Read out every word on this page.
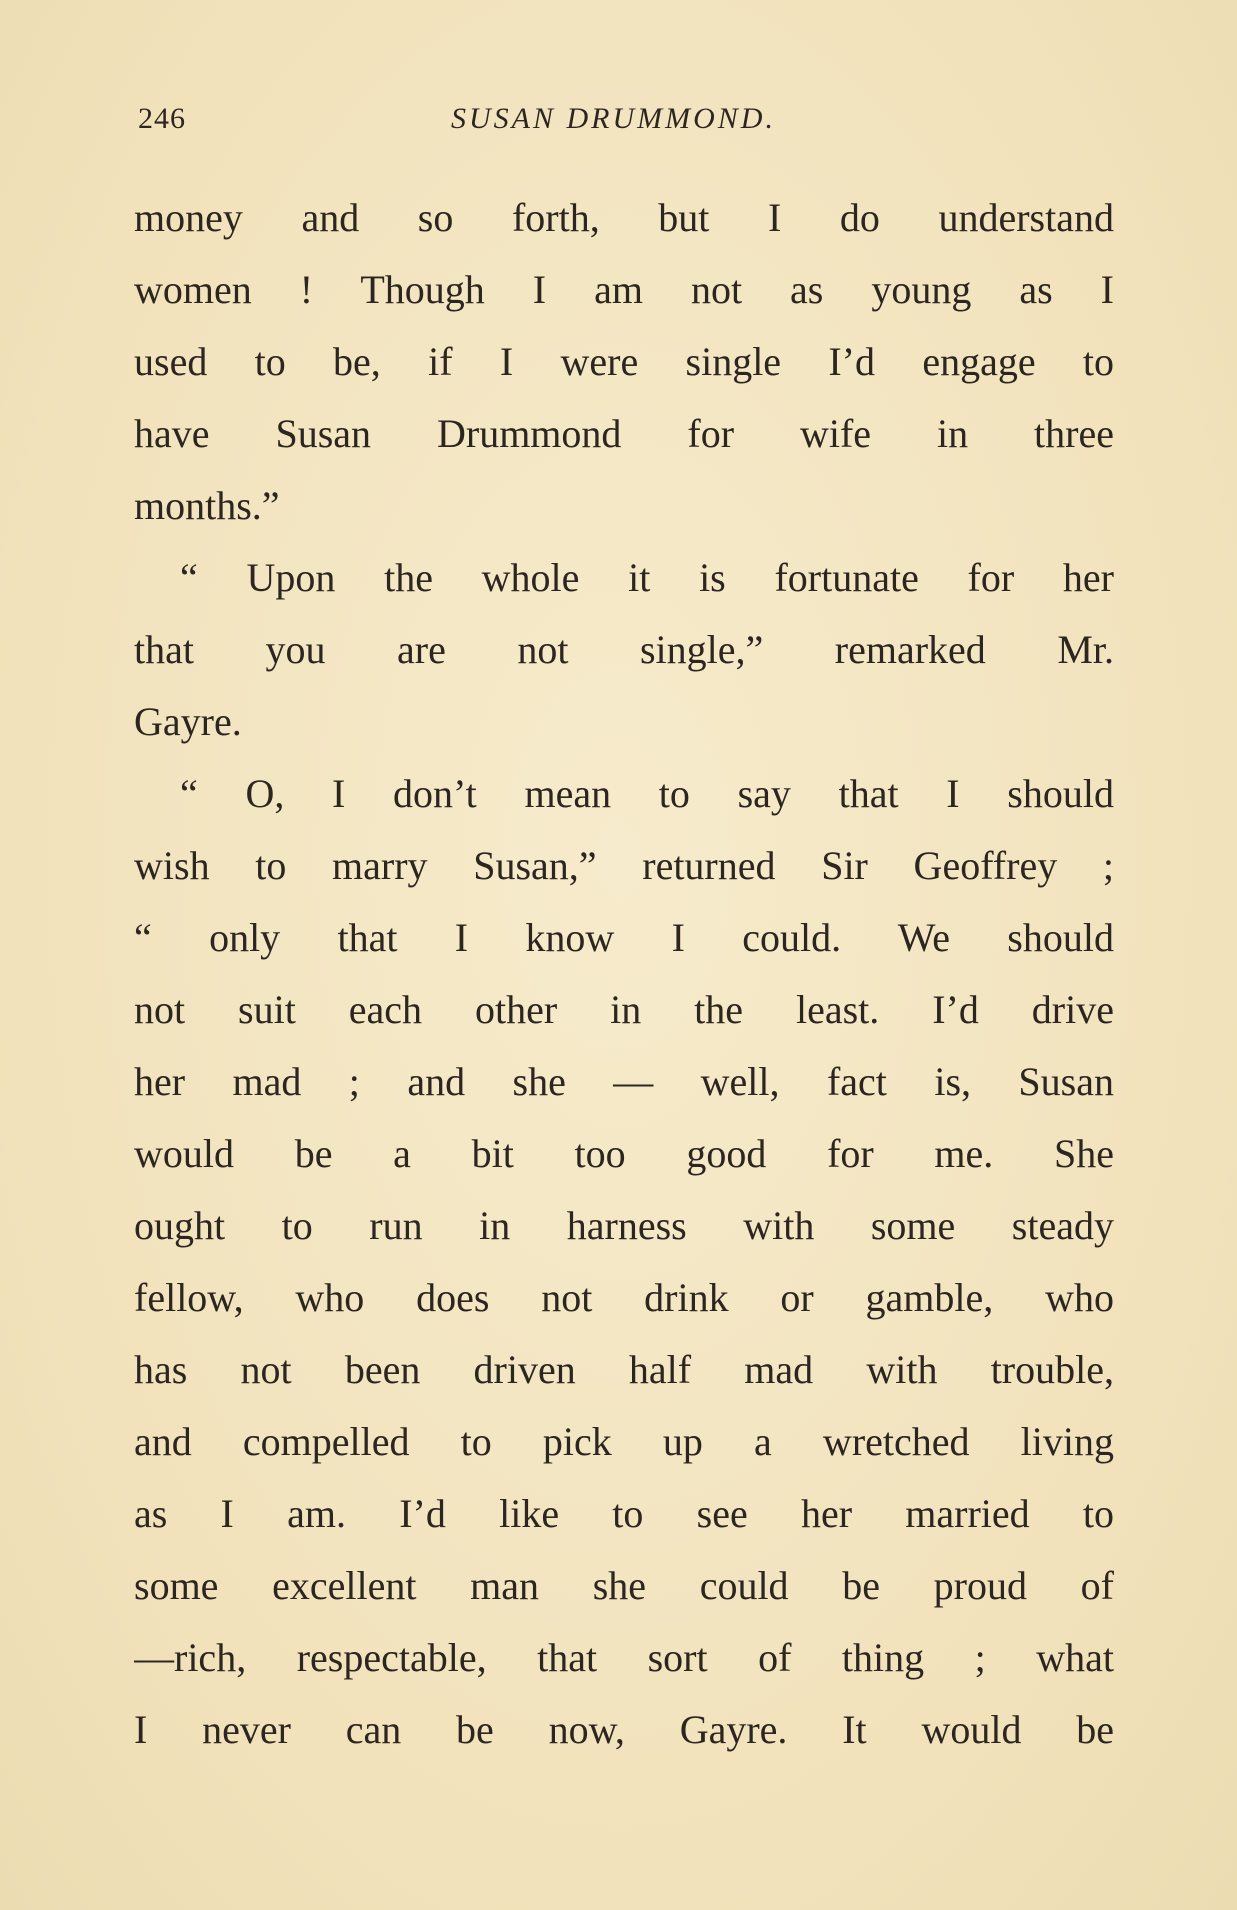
246	SUSAN DRUMMOND.
money and so forth, but I do understand
women ! Though I am not as young as I
used to be, if I were single I’d engage to
have Susan Drummond for wife in three
months.”
“ Upon the whole it is fortunate for her
that you are not single,” remarked Mr.
Gayre.
“ O, I don’t mean to say that I should
wish to marry Susan,” returned Sir Geoffrey ;
“ only that I know I could. We should
not suit each other in the least. I’d drive
her mad ; and she — well, fact is, Susan
would be a bit too good for me. She
ought to run in harness with some steady
fellow, who does not drink or gamble, who
has not been driven half mad with trouble,
and compelled to pick up a wretched living
as I am. I’d like to see her married to
some excellent man she could be proud of
—rich, respectable, that sort of thing ; what
I never can be now, Gayre. It would be
